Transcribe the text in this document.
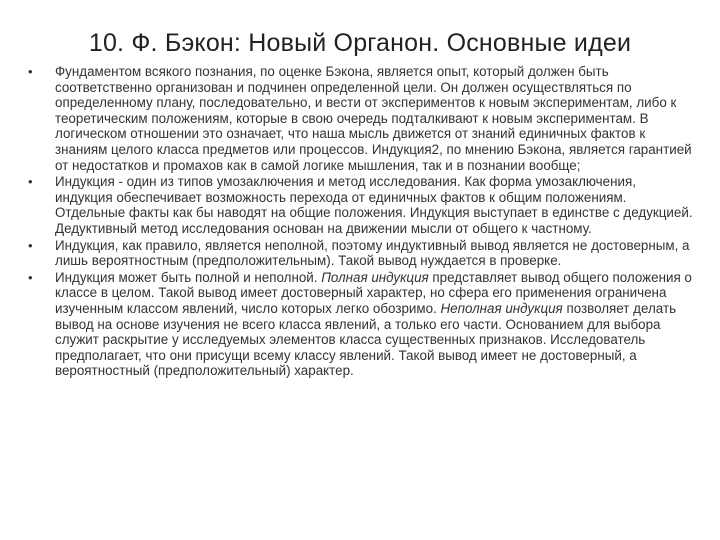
10. Ф. Бэкон: Новый Органон. Основные идеи
•	Фундаментом всякого познания, по оценке Бэкона, является опыт, который должен быть соответственно организован и подчинен определенной цели. Он должен осуществляться по определенному плану, последовательно, и вести от экспериментов к новым экспериментам, либо к теоретическим положениям, которые в свою очередь подталкивают к новым экспериментам. В логическом отношении это означает, что наша мысль движется от знаний единичных фактов к знаниям целого класса предметов или процессов. Индукция2, по мнению Бэкона, является гарантией от недостатков и промахов как в самой логике мышления, так и в познании вообще;
•	Индукция - один из типов умозаключения и метод исследования. Как форма умозаключения, индукция обеспечивает возможность перехода от единичных фактов к общим положениям. Отдельные факты как бы наводят на общие положения. Индукция выступает в единстве с дедукцией. Дедуктивный метод исследования основан на движении мысли от общего к частному.
•	Индукция, как правило, является неполной, поэтому индуктивный вывод является не достоверным, а лишь вероятностным (предположительным). Такой вывод нуждается в проверке.
•	Индукция может быть полной и неполной. Полная индукция представляет вывод общего положения о классе в целом. Такой вывод имеет достоверный характер, но сфера его применения ограничена изученным классом явлений, число которых легко обозримо. Неполная индукция позволяет делать вывод на основе изучения не всего класса явлений, а только его части. Основанием для выбора служит раскрытие у исследуемых элементов класса существенных признаков. Исследователь предполагает, что они присущи всему классу явлений. Такой вывод имеет не достоверный, а вероятностный (предположительный) характер.
